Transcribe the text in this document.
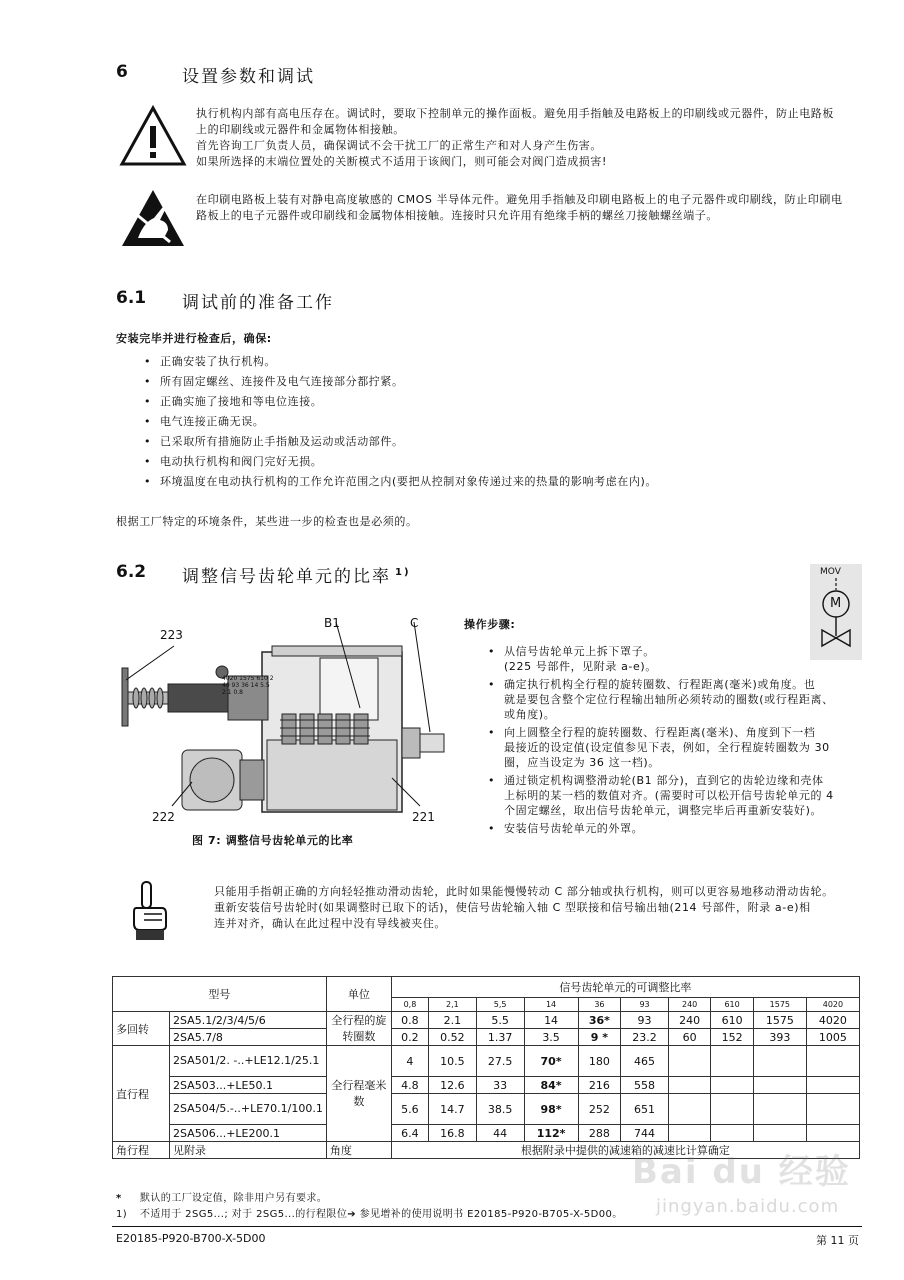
6	设置参数和调试
执行机构内部有高电压存在。调试时，要取下控制单元的操作面板。避免用手指触及电路板上的印刷线或元器件，防止电路板
上的印刷线或元器件和金属物体相接触。
首先咨询工厂负责人员，确保调试不会干扰工厂的正常生产和对人身产生伤害。
如果所选择的末端位置处的关断模式不适用于该阀门，则可能会对阀门造成损害!
在印刷电路板上装有对静电高度敏感的 CMOS 半导体元件。避免用手指触及印刷电路板上的电子元器件或印刷线，防止印刷电
路板上的电子元器件或印刷线和金属物体相接触。连接时只允许用有绝缘手柄的螺丝刀接触螺丝端子。
6.1 调试前的准备工作
安装完毕并进行检查后，确保:
• 正确安装了执行机构。
• 所有固定螺丝、连接件及电气连接部分都拧紧。
• 正确实施了接地和等电位连接。
• 电气连接正确无误。
• 已采取所有措施防止手指触及运动或活动部件。
• 电动执行机构和阀门完好无损。
• 环境温度在电动执行机构的工作允许范围之内(要把从控制对象传递过来的热量的影响考虑在内)。
根据工厂特定的环境条件，某些进一步的检查也是必须的。
6.2 调整信号齿轮单元的比率 $^{1)}$	MOV
M
4020 1575 610 240 93 36 14 5.5 2.1 0.8
223
B1	C
222	221
图 7: 调整信号齿轮单元的比率
操作步骤:
• 从信号齿轮单元上拆下罩子。
(225 号部件，见附录 a-e)。
• 确定执行机构全行程的旋转圈数、行程距离(毫米)或角度。也
就是要包含整个定位行程输出轴所必须转动的圈数(或行程距离、
或角度)。
• 向上圆整全行程的旋转圈数、行程距离(毫米)、角度到下一档
最接近的设定值(设定值参见下表，例如，全行程旋转圈数为 30
圈，应当设定为 36 这一档)。
• 通过锁定机构调整滑动轮(B1 部分)，直到它的齿轮边缘和壳体
上标明的某一档的数值对齐。(需要时可以松开信号齿轮单元的 4
个固定螺丝，取出信号齿轮单元，调整完毕后再重新安装好)。
• 安装信号齿轮单元的外罩。
只能用手指朝正确的方向轻轻推动滑动齿轮，此时如果能慢慢转动 C 部分轴或执行机构，则可以更容易地移动滑动齿轮。
重新安装信号齿轮时(如果调整时已取下的话)，使信号齿轮输入轴 C 型联接和信号输出轴(214 号部件，附录 a-e)相
连并对齐，确认在此过程中没有导线被夹住。
型号		单位	信号齿轮单元的可调整比率									
			0,8	2,1	5,5	14	36	93	240	610	1575	4020
多回转	2SA5.1/2/3/4/5/6	全行程的旋转圈数	0.8	2.1	5.5	14	36*	93	240	610	1575	4020
	2SA5.7/8		0.2	0.52	1.37	3.5	9 *	23.2	60	152	393	1005
直行程	2SA501/2. -..+LE12.1/25.1	全行程毫米数	4	10.5	27.5	70*	180	465				
	2SA503...+LE50.1		4.8	12.6	33	84*	216	558				
	2SA504/5.-..+LE70.1/100.1		5.6	14.7	38.5	98*	252	651				
	2SA506...+LE200.1		6.4	16.8	44	112*	288	744				
角行程	见附录	角度	根据附录中提供的减速箱的减速比计算确定									
* 默认的工厂设定值，除非用户另有要求。
1) 不适用于 2SG5...; 对于 2SG5...的行程限位➔ 参见增补的使用说明书 E20185-P920-B705-X-5D00。
Bai du 经验
jingyan.baidu.com
E20185-P920-B700-X-5D00	第 11 页
